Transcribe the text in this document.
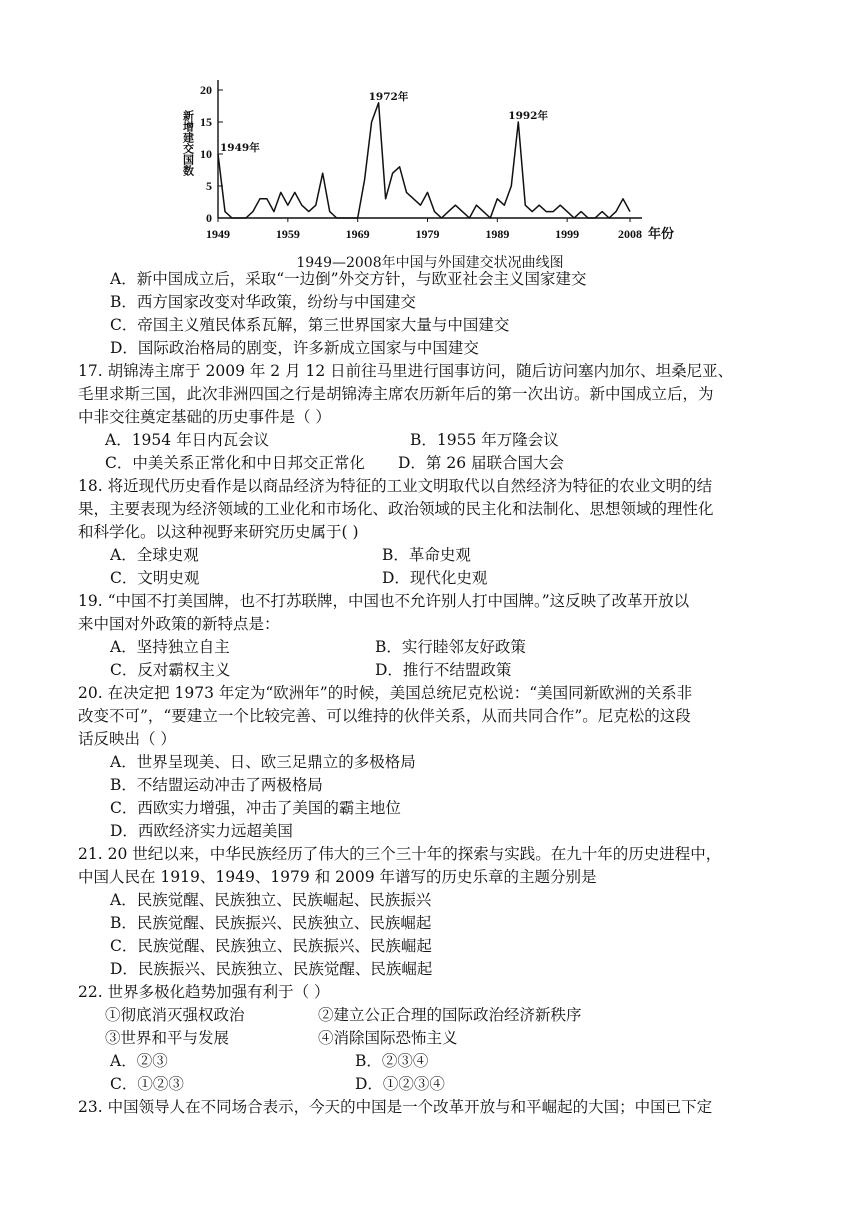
0
5
10
15
20
1949	1959	1969	1979	1989	1999	2008 年份
新增建交国数 1949年
1972年
1992年
1949—2008年中国与外国建交状况曲线图
A．新中国成立后，采取“一边倒”外交方针，与欧亚社会主义国家建交
B．西方国家改变对华政策，纷纷与中国建交
C．帝国主义殖民体系瓦解，第三世界国家大量与中国建交
D．国际政治格局的剧变，许多新成立国家与中国建交
17. 胡锦涛主席于 2009 年 2 月 12 日前往马里进行国事访问，随后访问塞内加尔、坦桑尼亚、
毛里求斯三国，此次非洲四国之行是胡锦涛主席农历新年后的第一次出访。新中国成立后，为
中非交往奠定基础的历史事件是（ ）
A．1954 年日内瓦会议	B．1955 年万隆会议
C．中美关系正常化和中日邦交正常化 D．第 26 届联合国大会
18. 将近现代历史看作是以商品经济为特征的工业文明取代以自然经济为特征的农业文明的结
果，主要表现为经济领域的工业化和市场化、政治领域的民主化和法制化、思想领域的理性化
和科学化。以这种视野来研究历史属于( )
A．全球史观	B．革命史观
C．文明史观	D．现代化史观
19. “中国不打美国牌，也不打苏联牌，中国也不允许别人打中国牌。”这反映了改革开放以
来中国对外政策的新特点是：
A．坚持独立自主	B．实行睦邻友好政策
C．反对霸权主义	D．推行不结盟政策
20. 在决定把 1973 年定为“欧洲年”的时候，美国总统尼克松说：“美国同新欧洲的关系非
改变不可”，“要建立一个比较完善、可以维持的伙伴关系，从而共同合作”。尼克松的这段
话反映出（ ）
A．世界呈现美、日、欧三足鼎立的多极格局
B．不结盟运动冲击了两极格局
C．西欧实力增强，冲击了美国的霸主地位
D．西欧经济实力远超美国
21. 20 世纪以来，中华民族经历了伟大的三个三十年的探索与实践。在九十年的历史进程中，
中国人民在 1919、1949、1979 和 2009 年谱写的历史乐章的主题分别是
A．民族觉醒、民族独立、民族崛起、民族振兴
B．民族觉醒、民族振兴、民族独立、民族崛起
C．民族觉醒、民族独立、民族振兴、民族崛起
D．民族振兴、民族独立、民族觉醒、民族崛起
22. 世界多极化趋势加强有利于（ ）
①彻底消灭强权政治	②建立公正合理的国际政治经济新秩序
③世界和平与发展	④消除国际恐怖主义
A．②③	B．②③④
C．①②③	D．①②③④
23. 中国领导人在不同场合表示，今天的中国是一个改革开放与和平崛起的大国；中国已下定
